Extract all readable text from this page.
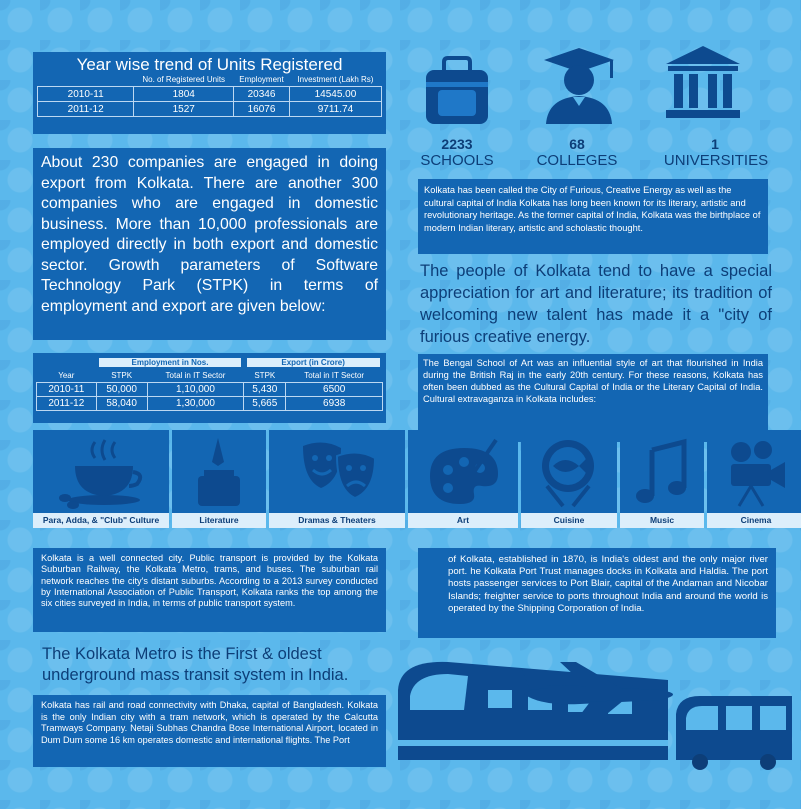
Year wise trend of Units Registered
	No. of Registered Units	Employment	Investment (Lakh Rs)
2010-11	1804	20346	14545.00
2011-12	1527	16076	9711.74
About 230 companies are engaged in doing export from Kolkata. There are another 300 companies who are engaged in domestic business. More than 10,000 professionals are employed directly in both export and domestic sector. Growth parameters of Software Technology Park (STPK) in terms of employment and export are given below:

	Employment in Nos.		Export (in Crore)	

Year	STPK	Total in IT Sector	STPK	Total in IT Sector
2010-11	50,000	1,10,000	5,430	6500
2011-12	58,040	1,30,000	5,665	6938
2233
SCHOOLS
68
COLLEGES
1
UNIVERSITIES
Kolkata has been called the City of Furious, Creative Energy as well as the cultural capital of India Kolkata has long been known for its literary, artistic and revolutionary heritage. As the former capital of India, Kolkata was the birthplace of modern Indian literary, artistic and scholastic thought.
The people of Kolkata tend to have a special appreciation for art and literature; its tradition of welcoming new talent has made it a "city of furious creative energy.
The Bengal School of Art was an influential style of art that flourished in India during the British Raj in the early 20th century. For these reasons, Kolkata has often been dubbed as the Cultural Capital of India or the Literary Capital of India. Cultural extravaganza in Kolkata includes:
Para, Adda, & "Club" Culture	Literature	Dramas & Theaters	Art	Cuisine	Music	Cinema
Kolkata is a well connected city. Public transport is provided by the Kolkata Suburban Railway, the Kolkata Metro, trams, and buses. The suburban rail network reaches the city's distant suburbs. According to a 2013 survey conducted by International Association of Public Transport, Kolkata ranks the top among the six cities surveyed in India, in terms of public transport system.
of Kolkata, established in 1870, is India's oldest and the only major river port. he Kolkata Port Trust manages docks in Kolkata and Haldia. The port hosts passenger services to Port Blair, capital of the Andaman and Nicobar Islands; freighter service to ports throughout India and around the world is operated by the Shipping Corporation of India.
The Kolkata Metro is the First & oldest underground mass transit system in India.
Kolkata has rail and road connectivity with Dhaka, capital of Bangladesh. Kolkata is the only Indian city with a tram network, which is operated by the Calcutta Tramways Company. Netaji Subhas Chandra Bose International Airport, located in Dum Dum some 16 km operates domestic and international flights. The Port
